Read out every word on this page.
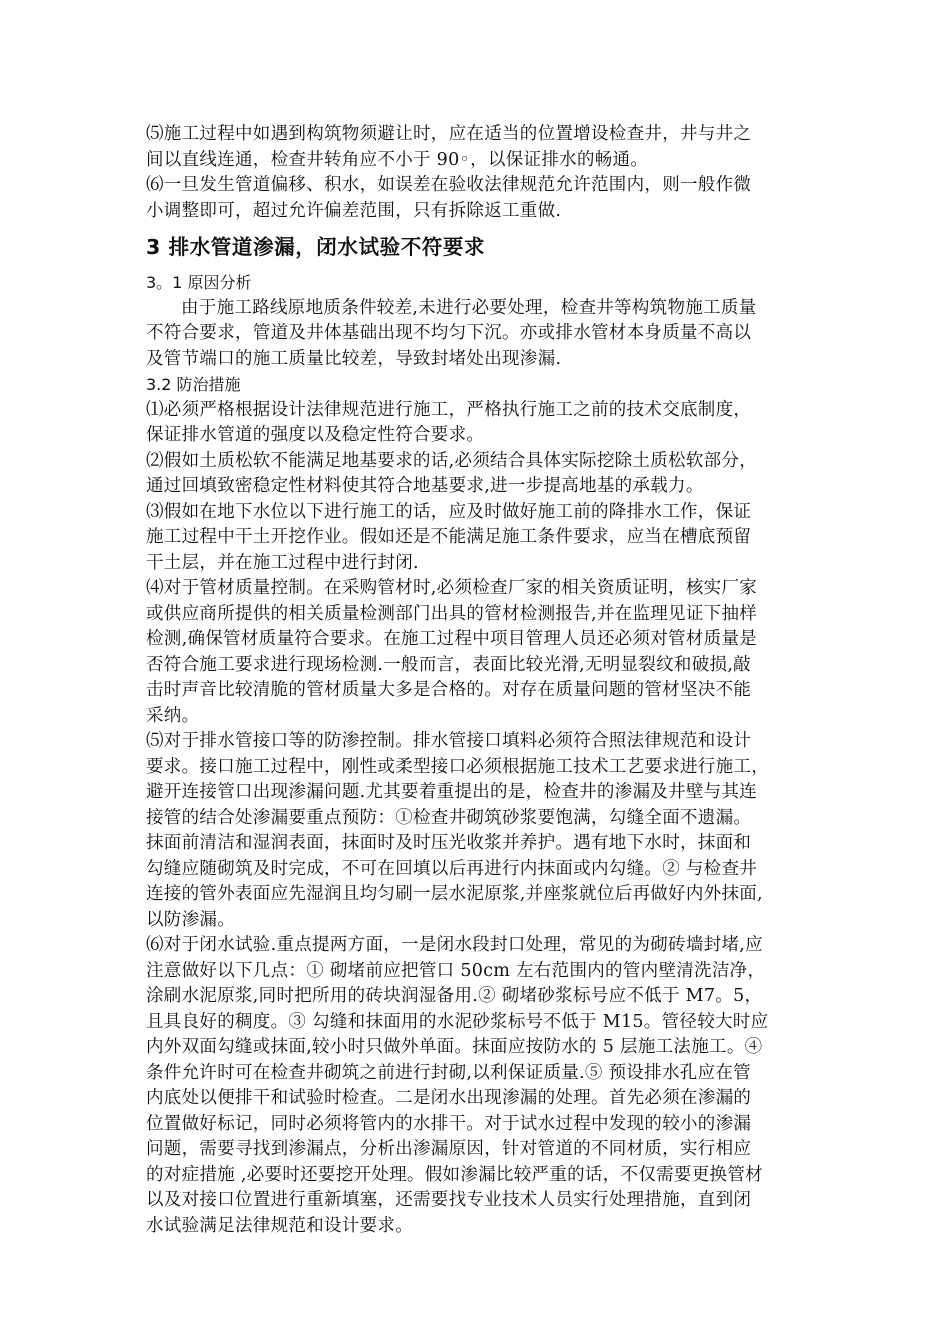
⑸施工过程中如遇到构筑物须避让时，应在适当的位置增设检查井，井与井之
间以直线连通，检查井转角应不小于 90◦，以保证排水的畅通。
⑹一旦发生管道偏移、积水，如误差在验收法律规范允许范围内，则一般作微
小调整即可，超过允许偏差范围，只有拆除返工重做.
3 排水管道渗漏，闭水试验不符要求
3。1 原因分析
由于施工路线原地质条件较差,未进行必要处理，检查井等构筑物施工质量
不符合要求，管道及井体基础出现不均匀下沉。亦或排水管材本身质量不高以
及管节端口的施工质量比较差，导致封堵处出现渗漏.
3.2 防治措施
⑴必须严格根据设计法律规范进行施工，严格执行施工之前的技术交底制度，
保证排水管道的强度以及稳定性符合要求。
⑵假如土质松软不能满足地基要求的话,必须结合具体实际挖除土质松软部分，
通过回填致密稳定性材料使其符合地基要求,进一步提高地基的承载力。
⑶假如在地下水位以下进行施工的话，应及时做好施工前的降排水工作，保证
施工过程中干土开挖作业。假如还是不能满足施工条件要求，应当在槽底预留
干土层，并在施工过程中进行封闭.
⑷对于管材质量控制。在采购管材时,必须检查厂家的相关资质证明，核实厂家
或供应商所提供的相关质量检测部门出具的管材检测报告,并在监理见证下抽样
检测,确保管材质量符合要求。在施工过程中项目管理人员还必须对管材质量是
否符合施工要求进行现场检测.一般而言，表面比较光滑,无明显裂纹和破损,敲
击时声音比较清脆的管材质量大多是合格的。对存在质量问题的管材坚决不能
采纳。
⑸对于排水管接口等的防渗控制。排水管接口填料必须符合照法律规范和设计
要求。接口施工过程中，刚性或柔型接口必须根据施工技术工艺要求进行施工，
避开连接管口出现渗漏问题.尤其要着重提出的是，检查井的渗漏及井壁与其连
接管的结合处渗漏要重点预防：①检查井砌筑砂浆要饱满，勾缝全面不遗漏。
抹面前清洁和湿润表面，抹面时及时压光收浆并养护。遇有地下水时，抹面和
勾缝应随砌筑及时完成，不可在回填以后再进行内抹面或内勾缝。② 与检查井
连接的管外表面应先湿润且均匀刷一层水泥原浆,并座浆就位后再做好内外抹面,
以防渗漏。
⑹对于闭水试验.重点提两方面，一是闭水段封口处理，常见的为砌砖墙封堵,应
注意做好以下几点：① 砌堵前应把管口 50cm 左右范围内的管内壁清洗洁净，
涂刷水泥原浆,同时把所用的砖块润湿备用.② 砌堵砂浆标号应不低于 M7。5，
且具良好的稠度。③ 勾缝和抹面用的水泥砂浆标号不低于 M15。管径较大时应
内外双面勾缝或抹面,较小时只做外单面。抹面应按防水的 5 层施工法施工。④
条件允许时可在检查井砌筑之前进行封砌,以利保证质量.⑤ 预设排水孔应在管
内底处以便排干和试验时检查。二是闭水出现渗漏的处理。首先必须在渗漏的
位置做好标记，同时必须将管内的水排干。对于试水过程中发现的较小的渗漏
问题，需要寻找到渗漏点，分析出渗漏原因，针对管道的不同材质，实行相应
的对症措施 ,必要时还要挖开处理。假如渗漏比较严重的话，不仅需要更换管材
以及对接口位置进行重新填塞，还需要找专业技术人员实行处理措施，直到闭
水试验满足法律规范和设计要求。
